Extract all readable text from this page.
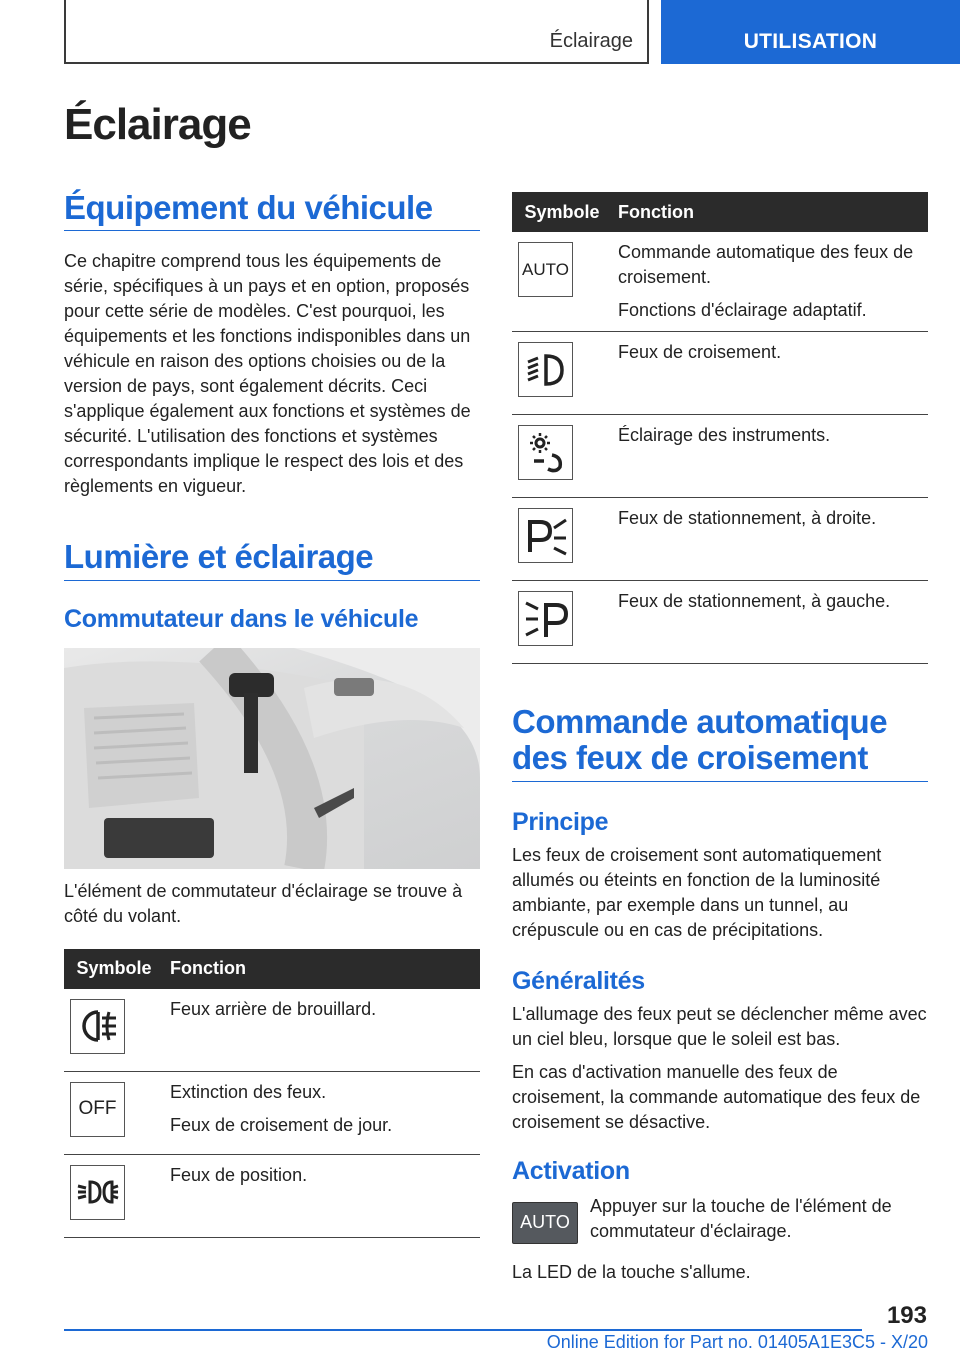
Éclairage	UTILISATION
Éclairage
Équipement du véhicule

Ce chapitre comprend tous les équipements de série, spécifiques à un pays et en option, proposés pour cette série de modèles. C'est pourquoi, les équipements et les fonctions indisponibles dans un véhicule en raison des options choisies ou de la version de pays, sont également décrits. Ceci s'applique également aux fonctions et systèmes de sécurité. L'utilisation des fonctions et systèmes correspondants implique le respect des lois et des règlements en vigueur.

Lumière et éclairage
Commutateur dans le véhicule

L'élément de commutateur d'éclairage se trouve à côté du volant.

Symbole	Fonction

Feux arrière de brouillard.

OFF	Extinction des feux.

Feux de croisement de jour.

Feux de position.

Symbole	Fonction

AUTO	Commande automatique des feux de croisement.

Fonctions d'éclairage adaptatif.

Feux de croisement.

Éclairage des instruments.

Feux de stationnement, à droite.

Feux de stationnement, à gauche.

Commande automatique des feux de croisement
Principe

Les feux de croisement sont automatiquement allumés ou éteints en fonction de la luminosité ambiante, par exemple dans un tunnel, au crépuscule ou en cas de précipitations.

Généralités

L'allumage des feux peut se déclencher même avec un ciel bleu, lorsque que le soleil est bas.

En cas d'activation manuelle des feux de croisement, la commande automatique des feux de croisement se désactive.

Activation
AUTO

Appuyer sur la touche de l'élément de commutateur d'éclairage.

La LED de la touche s'allume.

193
Online Edition for Part no. 01405A1E3C5 - X/20
